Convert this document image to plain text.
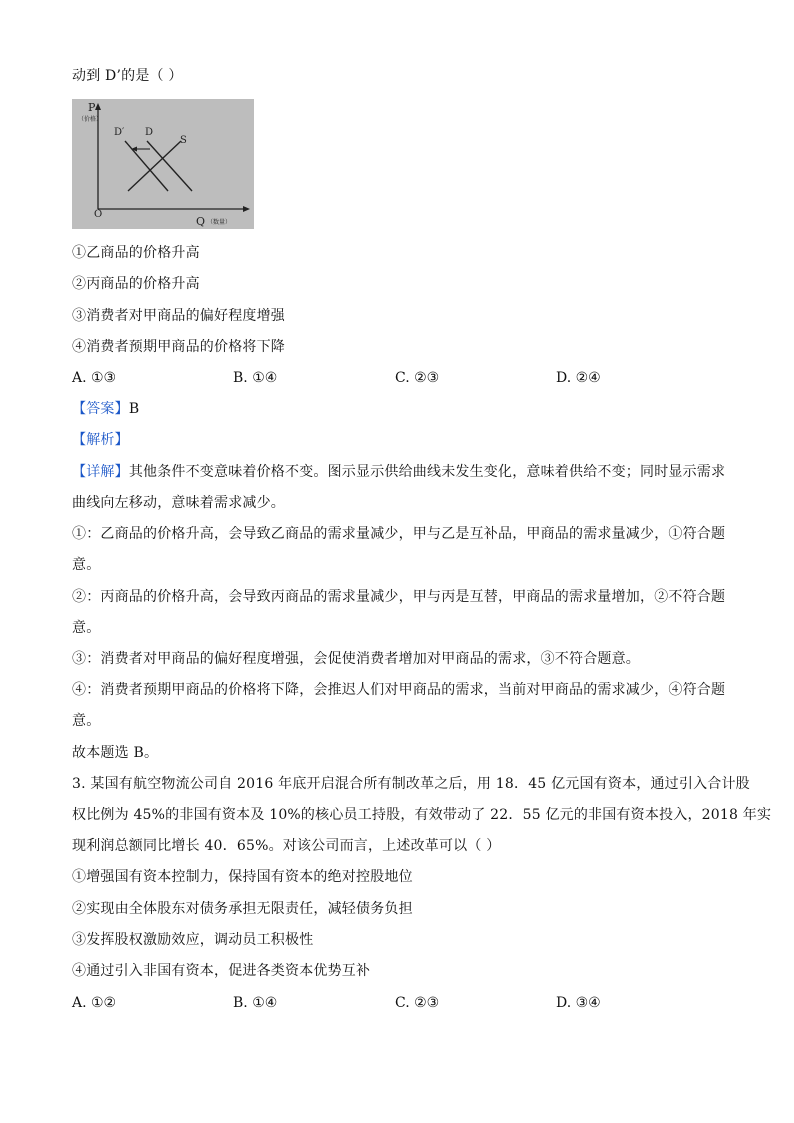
动到 D’的是（ ）
P
（价格）
Q （数量）
O
D′ D
S
①乙商品的价格升高
②丙商品的价格升高
③消费者对甲商品的偏好程度增强
④消费者预期甲商品的价格将下降
A. ①③	B. ①④	C. ②③	D. ②④
【答案】B
【解析】
【详解】其他条件不变意味着价格不变。图示显示供给曲线未发生变化，意味着供给不变；同时显示需求
曲线向左移动，意味着需求减少。
①：乙商品的价格升高，会导致乙商品的需求量减少，甲与乙是互补品，甲商品的需求量减少，①符合题
意。
②：丙商品的价格升高，会导致丙商品的需求量减少，甲与丙是互替，甲商品的需求量增加，②不符合题
意。
③：消费者对甲商品的偏好程度增强，会促使消费者增加对甲商品的需求，③不符合题意。
④：消费者预期甲商品的价格将下降，会推迟人们对甲商品的需求，当前对甲商品的需求减少，④符合题
意。
故本题选 B。
3. 某国有航空物流公司自 2016 年底开启混合所有制改革之后，用 18．45 亿元国有资本，通过引入合计股
权比例为 45%的非国有资本及 10%的核心员工持股，有效带动了 22．55 亿元的非国有资本投入，2018 年实
现利润总额同比增长 40．65%。对该公司而言，上述改革可以（ ）
①增强国有资本控制力，保持国有资本的绝对控股地位
②实现由全体股东对债务承担无限责任，减轻债务负担
③发挥股权激励效应，调动员工积极性
④通过引入非国有资本，促进各类资本优势互补
A. ①②	B. ①④	C. ②③	D. ③④
